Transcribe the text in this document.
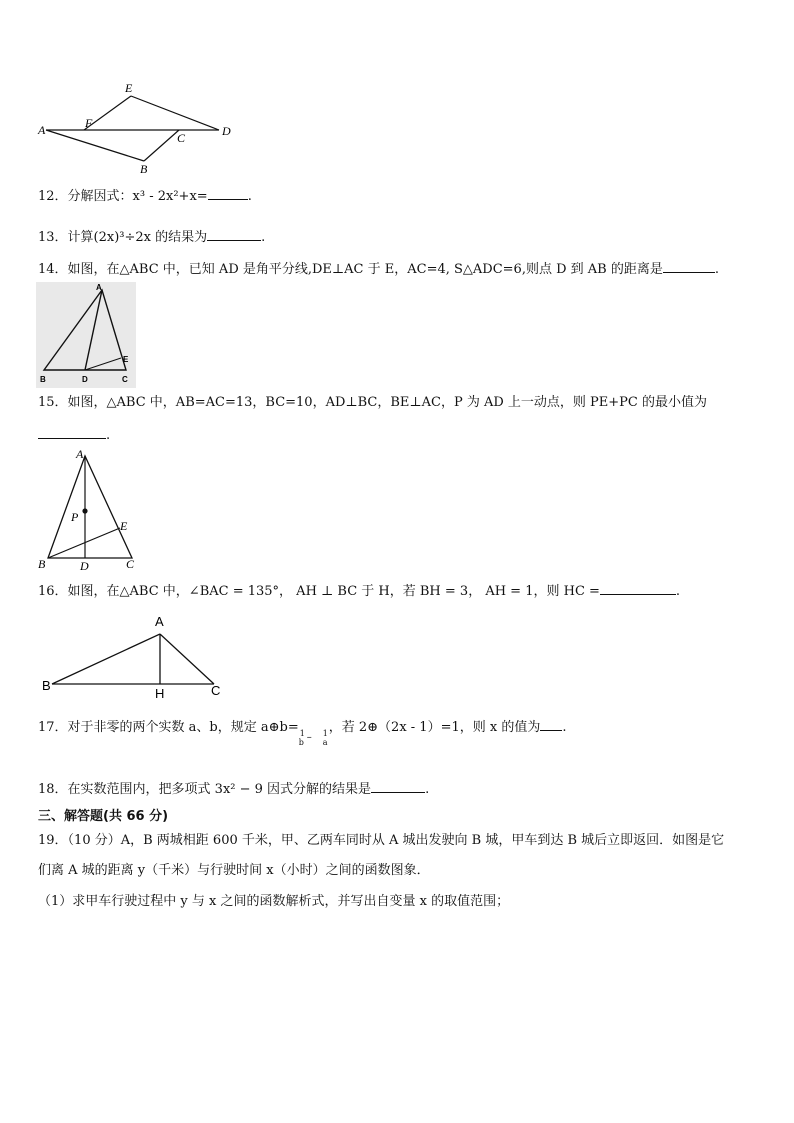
A
E
F
C	D
B
12．分解因式：x³ - 2x²+x=	.
13．计算(2x)³÷2x 的结果为	.
14．如图，在△ABC 中，已知 AD 是角平分线,DE⊥AC 于 E，AC=4, S△ADC=6,则点 D 到 AB 的距离是	.
A
B	D	C
E
15．如图，△ABC 中，AB=AC=13，BC=10，AD⊥BC，BE⊥AC，P 为 AD 上一动点，则 PE+PC 的最小值为
.
A
P
E
B	D	C
16．如图，在△ABC 中，∠BAC = 135°， AH ⊥ BC 于 H，若 BH = 3， AH = 1，则 HC =	.
A
B
H	C
17．对于非零的两个实数 a、b，规定 a⊕b= 1
b – 1
a
，若 2⊕（2x - 1）=1，则 x 的值为 .
18．在实数范围内，把多项式 3x² − 9 因式分解的结果是	.
三、解答题(共 66 分)
19．（10 分）A，B 两城相距 600 千米，甲、乙两车同时从 A 城出发驶向 B 城，甲车到达 B 城后立即返回．如图是它
们离 A 城的距离 y（千米）与行驶时间 x（小时）之间的函数图象．
（1）求甲车行驶过程中 y 与 x 之间的函数解析式，并写出自变量 x 的取值范围；
